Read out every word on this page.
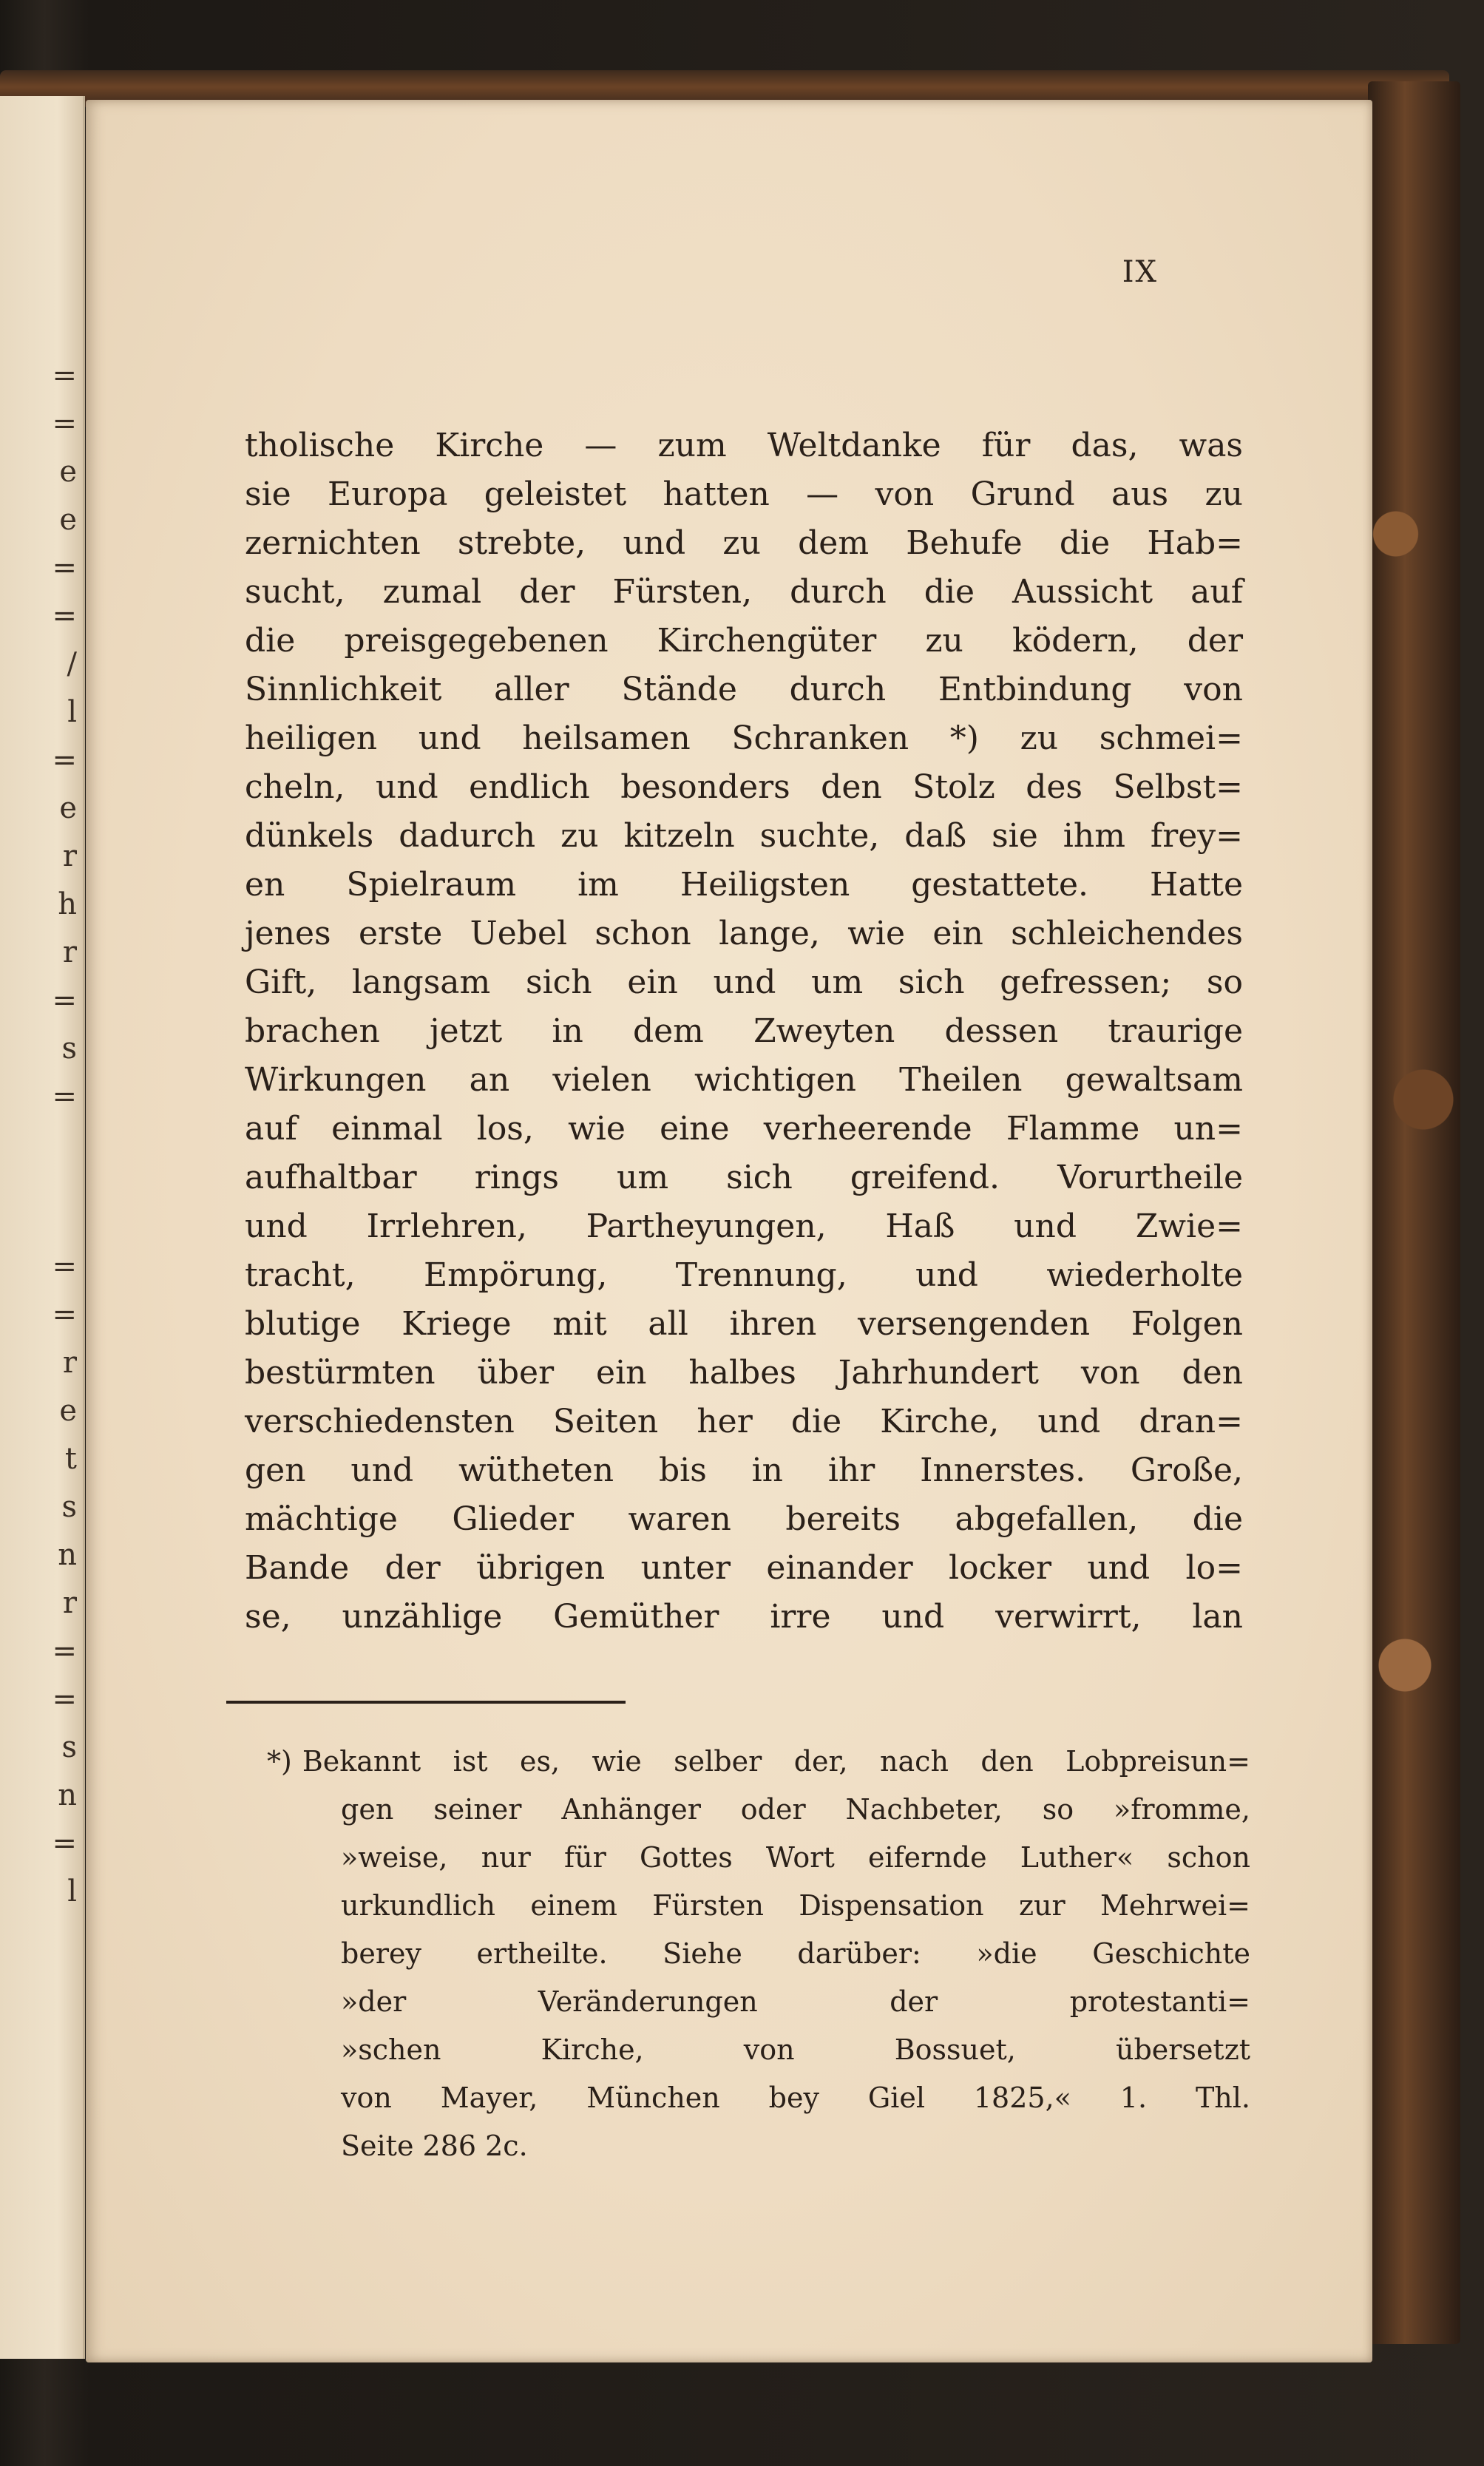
=
=
e
e
=
=
/
l
=
e
r
h
r
=
s
=
=
=
r
e
t
s
n
r
=
=
s
n
=
l
IX
tholische Kirche — zum Weltdanke für das, was
sie Europa geleistet hatten — von Grund aus zu
zernichten strebte, und zu dem Behufe die Hab=
sucht, zumal der Fürsten, durch die Aussicht auf
die preisgegebenen Kirchengüter zu ködern, der
Sinnlichkeit aller Stände durch Entbindung von
heiligen und heilsamen Schranken *) zu schmei=
cheln, und endlich besonders den Stolz des Selbst=
dünkels dadurch zu kitzeln suchte, daß sie ihm frey=
en Spielraum im Heiligsten gestattete. Hatte
jenes erste Uebel schon lange, wie ein schleichendes
Gift, langsam sich ein und um sich gefressen; so
brachen jetzt in dem Zweyten dessen traurige
Wirkungen an vielen wichtigen Theilen gewaltsam
auf einmal los, wie eine verheerende Flamme un=
aufhaltbar rings um sich greifend. Vorurtheile
und Irrlehren, Partheyungen, Haß und Zwie=
tracht, Empörung, Trennung, und wiederholte
blutige Kriege mit all ihren versengenden Folgen
bestürmten über ein halbes Jahrhundert von den
verschiedensten Seiten her die Kirche, und dran=
gen und wütheten bis in ihr Innerstes. Große,
mächtige Glieder waren bereits abgefallen, die
Bande der übrigen unter einander locker und lo=
se, unzählige Gemüther irre und verwirrt, lan
*) Bekannt ist es, wie selber der, nach den Lobpreisun=
gen seiner Anhänger oder Nachbeter, so »fromme,
»weise, nur für Gottes Wort eifernde Luther« schon
urkundlich einem Fürsten Dispensation zur Mehrwei=
berey ertheilte. Siehe darüber: »die Geschichte
»der Veränderungen der protestanti=
»schen Kirche, von Bossuet, übersetzt
von Mayer, München bey Giel 1825,« 1. Thl.
Seite 286 2c.
